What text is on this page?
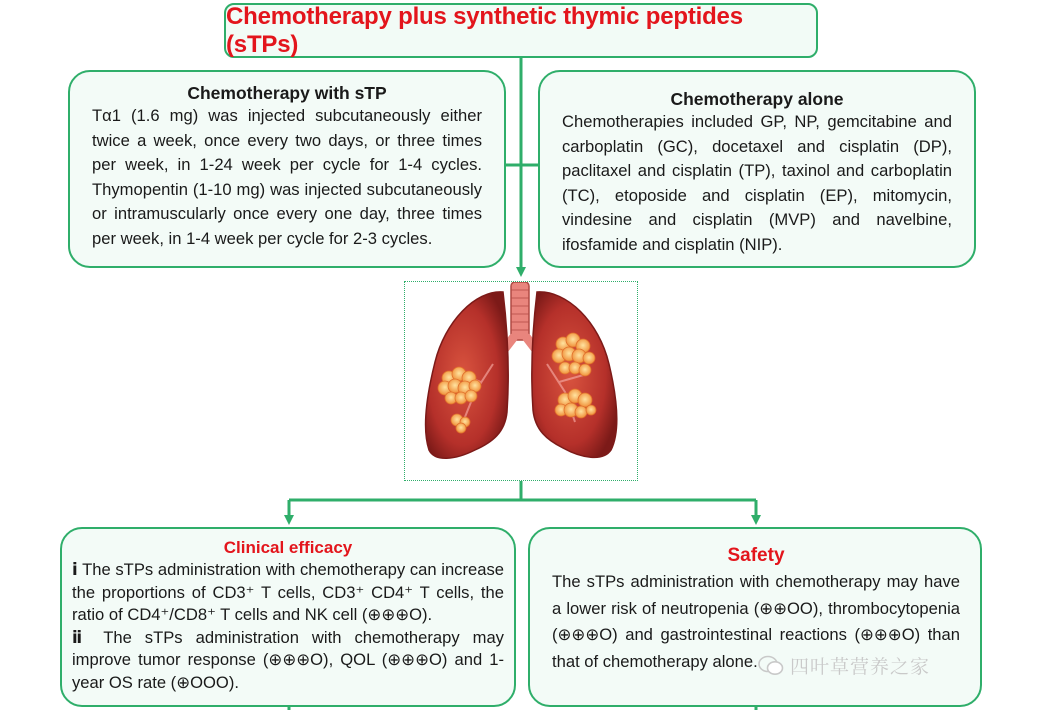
Chemotherapy plus synthetic thymic peptides (sTPs)
Chemotherapy with sTP

Tα1 (1.6 mg) was injected subcutaneously either twice a week, once every two days, or three times per week, in 1-24 week per cycle for 1-4 cycles. Thymopentin (1-10 mg) was injected subcutaneously or intramuscularly once every one day, three times per week, in 1-4 week per cycle for 2-3 cycles.

Chemotherapy alone

Chemotherapies included GP, NP, gemcitabine and carboplatin (GC), docetaxel and cisplatin (DP), paclitaxel and cisplatin (TP), taxinol and carboplatin (TC), etoposide and cisplatin (EP), mitomycin, vindesine and cisplatin (MVP) and navelbine, ifosfamide and cisplatin (NIP).

Clinical efficacy

ⅰ The sTPs administration with chemotherapy can increase the proportions of CD3⁺ T cells, CD3⁺ CD4⁺ T cells, the ratio of CD4⁺/CD8⁺ T cells and NK cell (⊕⊕⊕O).

ⅱ The sTPs administration with chemotherapy may improve tumor response (⊕⊕⊕O), QOL (⊕⊕⊕O) and 1-year OS rate (⊕OOO).

Safety

The sTPs administration with chemotherapy may have a lower risk of neutropenia (⊕⊕OO), thrombocytopenia (⊕⊕⊕O) and gastrointestinal reactions (⊕⊕⊕O) than that of chemotherapy alone.	四叶草营养之家
